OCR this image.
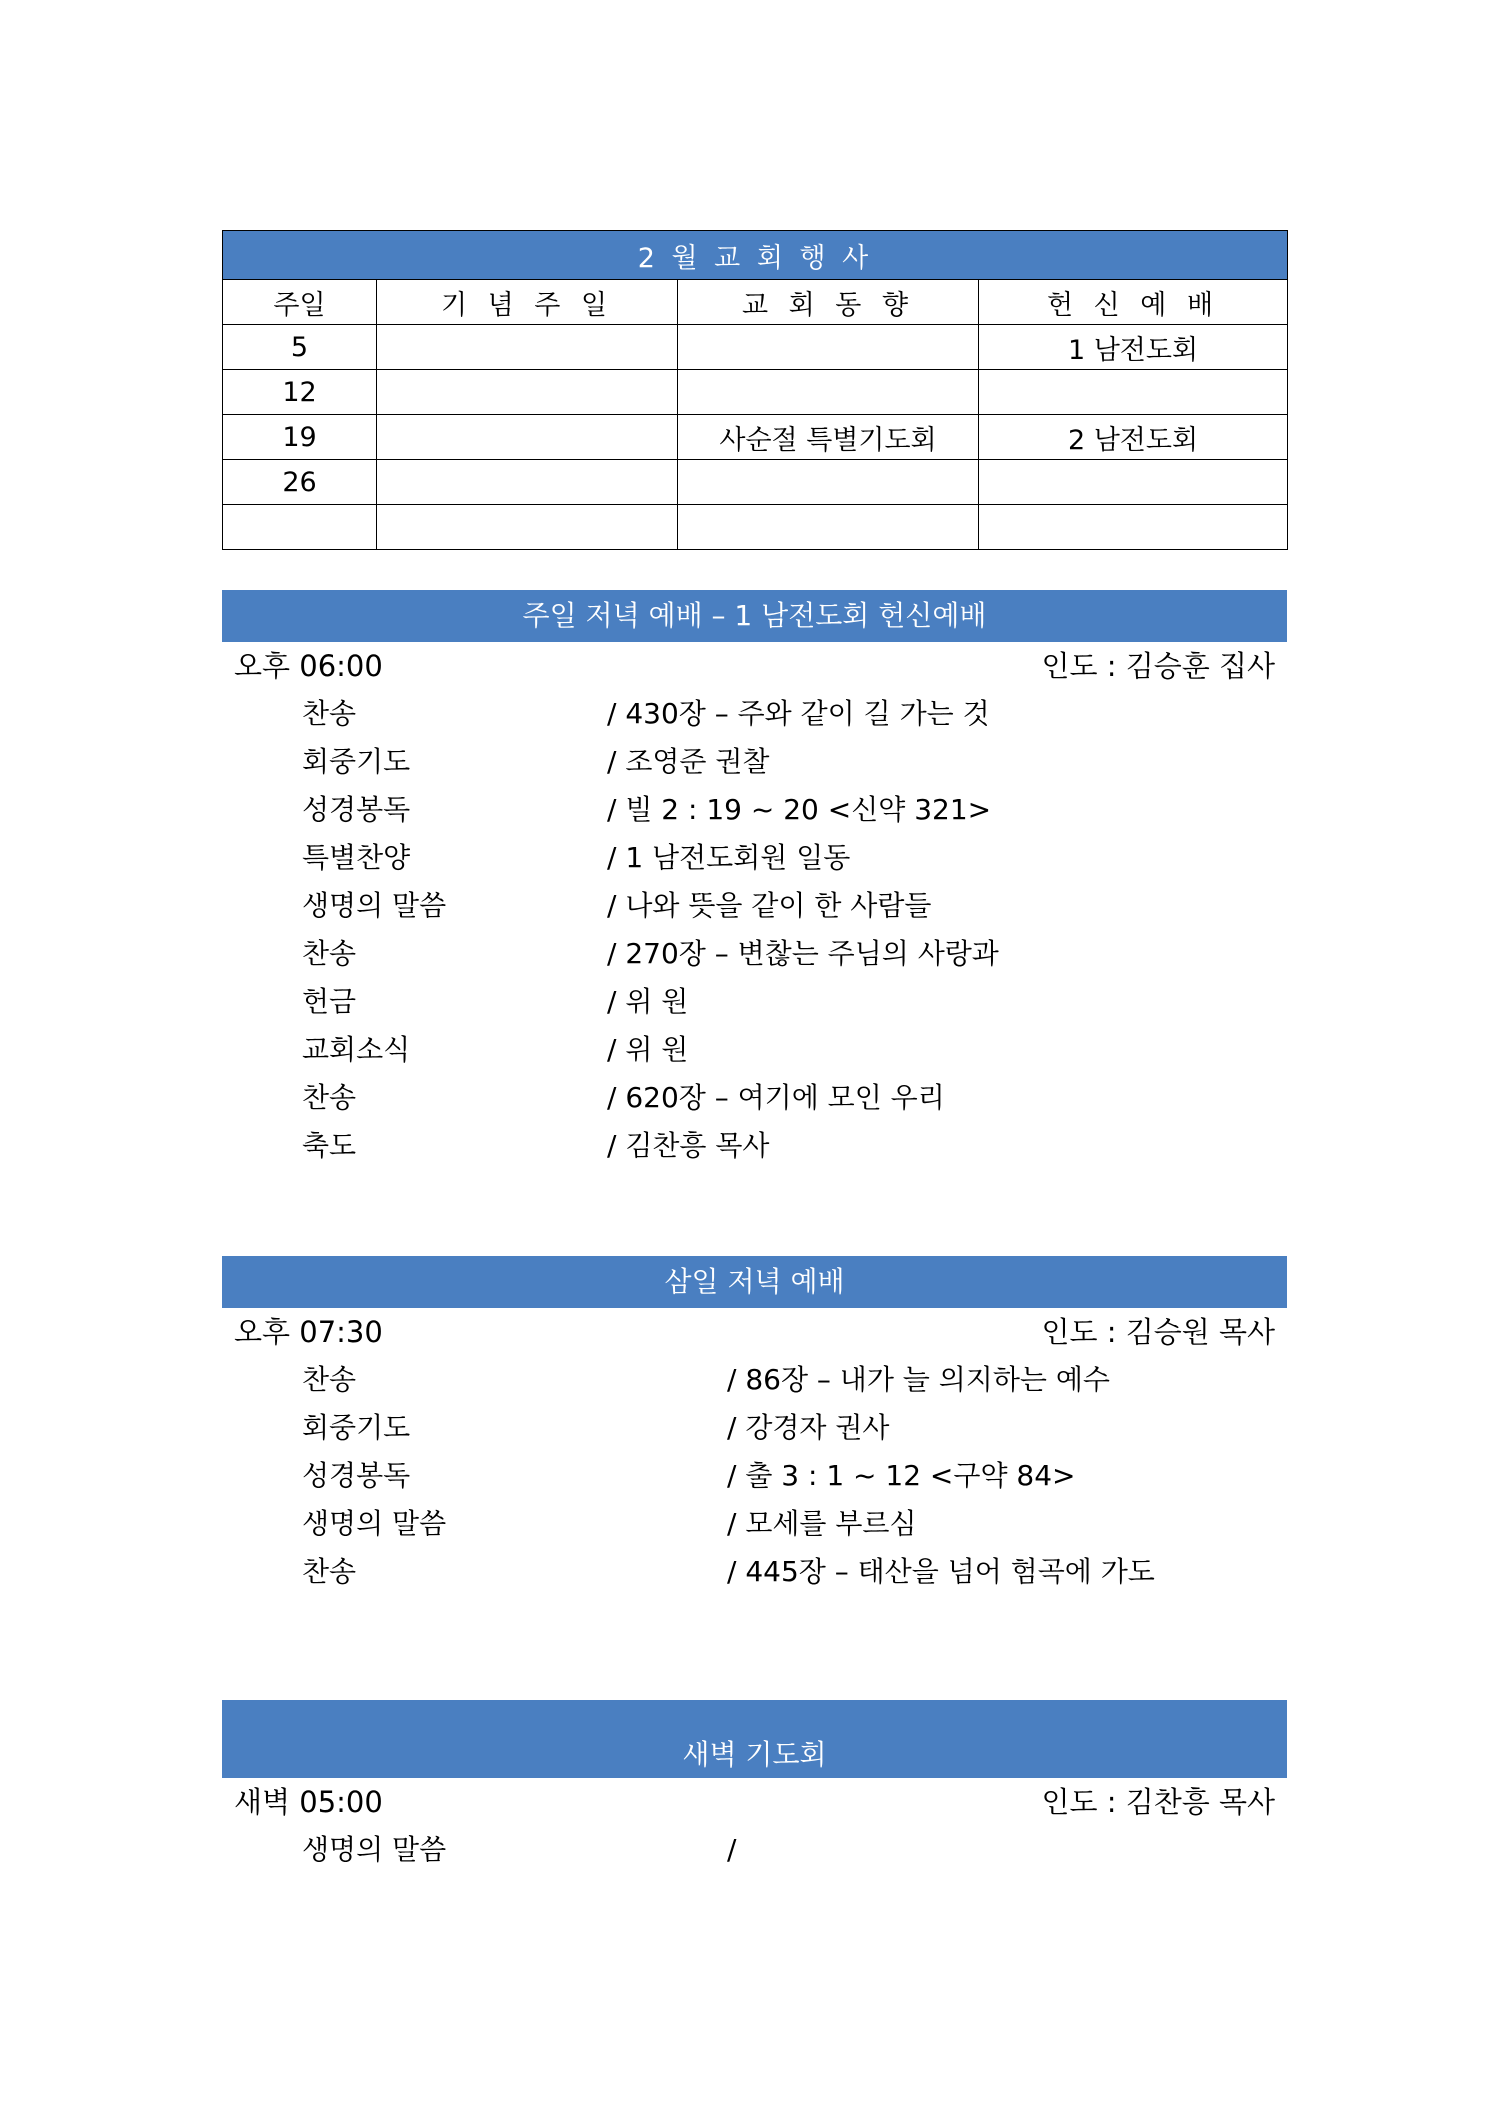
2 월 교 회 행 사			
주일	기 념 주 일	교 회 동 향	헌 신 예 배
5			1 남전도회
12			
19		사순절 특별기도회	2 남전도회
26			

주일 저녁 예배 – 1 남전도회 헌신예배
오후 06:00	인도 : 김승훈 집사
찬송	/ 430장 – 주와 같이 길 가는 것
회중기도	/ 조영준 권찰
성경봉독	/ 빌 2 : 19 ~ 20 <신약 321>
특별찬양	/ 1 남전도회원 일동
생명의 말씀	/ 나와 뜻을 같이 한 사람들
찬송	/ 270장 – 변찮는 주님의 사랑과
헌금	/ 위 원
교회소식	/ 위 원
찬송	/ 620장 – 여기에 모인 우리
축도	/ 김찬흥 목사
삼일 저녁 예배
오후 07:30	인도 : 김승원 목사
찬송	/ 86장 – 내가 늘 의지하는 예수
회중기도	/ 강경자 권사
성경봉독	/ 출 3 : 1 ~ 12 <구약 84>
생명의 말씀	/ 모세를 부르심
찬송	/ 445장 – 태산을 넘어 험곡에 가도
새벽 기도회
새벽 05:00	인도 : 김찬흥 목사
생명의 말씀	/
